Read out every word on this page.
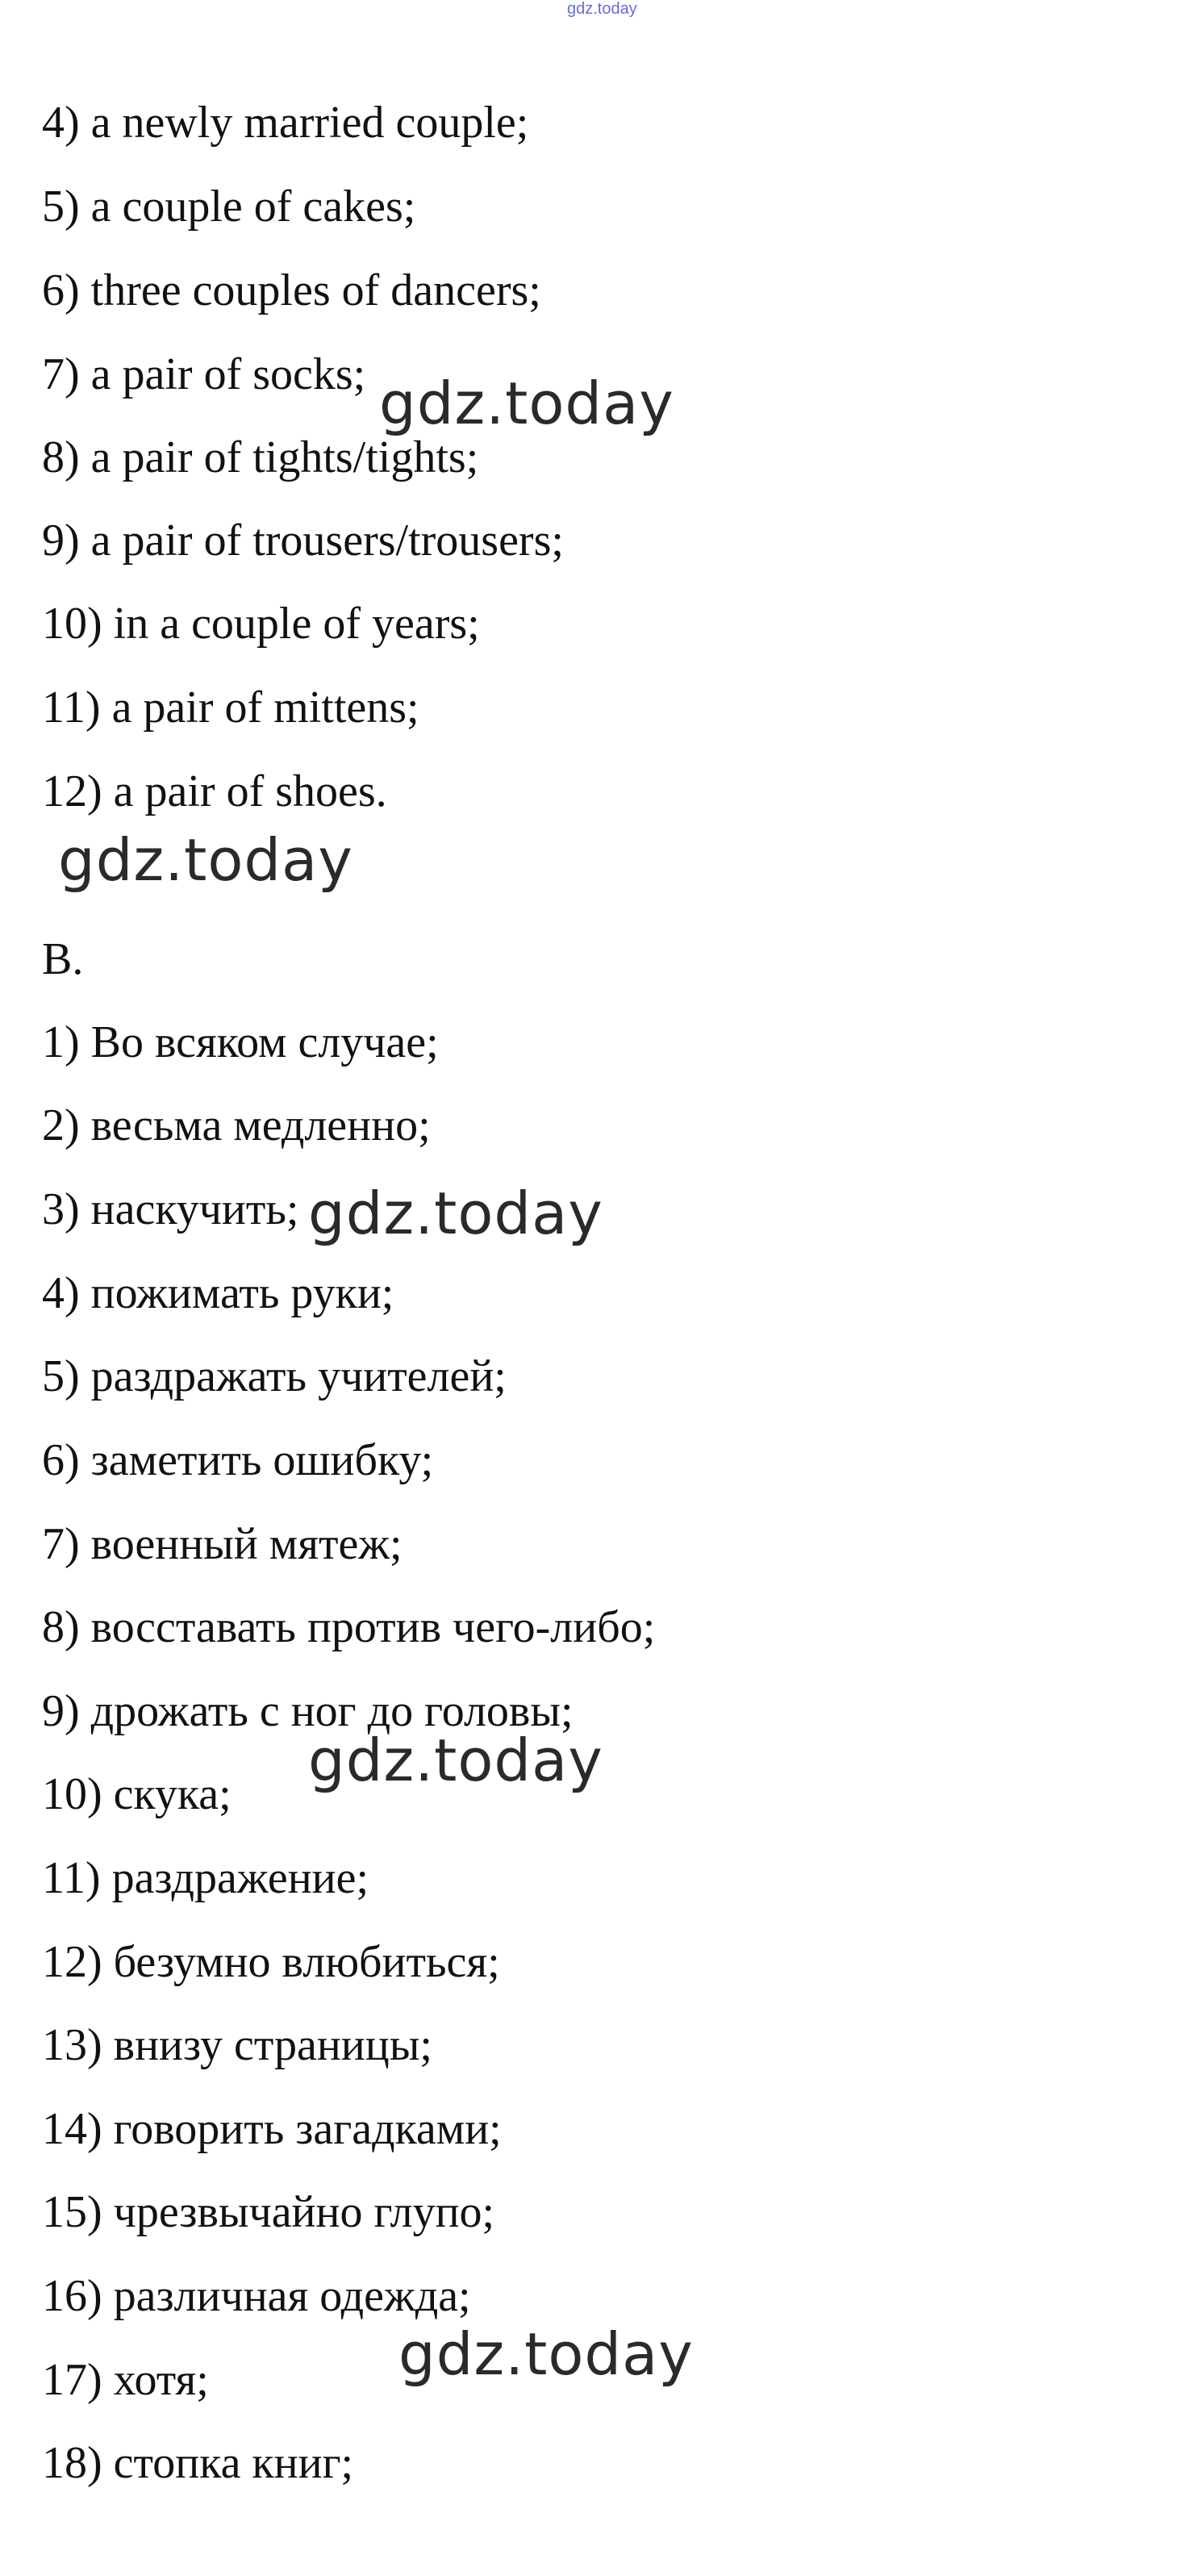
gdz.today
4) a newly married couple;
5) a couple of cakes;
6) three couples of dancers;
7) a pair of socks;
8) a pair of tights/tights;
9) a pair of trousers/trousers;
10) in a couple of years;
11) a pair of mittens;
12) a pair of shoes.
B.
1) Во всяком случае;
2) весьма медленно;
3) наскучить;
4) пожимать руки;
5) раздражать учителей;
6) заметить ошибку;
7) военный мятеж;
8) восставать против чего-либо;
9) дрожать с ног до головы;
10) скука;
11) раздражение;
12) безумно влюбиться;
13) внизу страницы;
14) говорить загадками;
15) чрезвычайно глупо;
16) различная одежда;
17) хотя;
18) стопка книг;
gdz.today
gdz.today
gdz.today
gdz.today
gdz.today
